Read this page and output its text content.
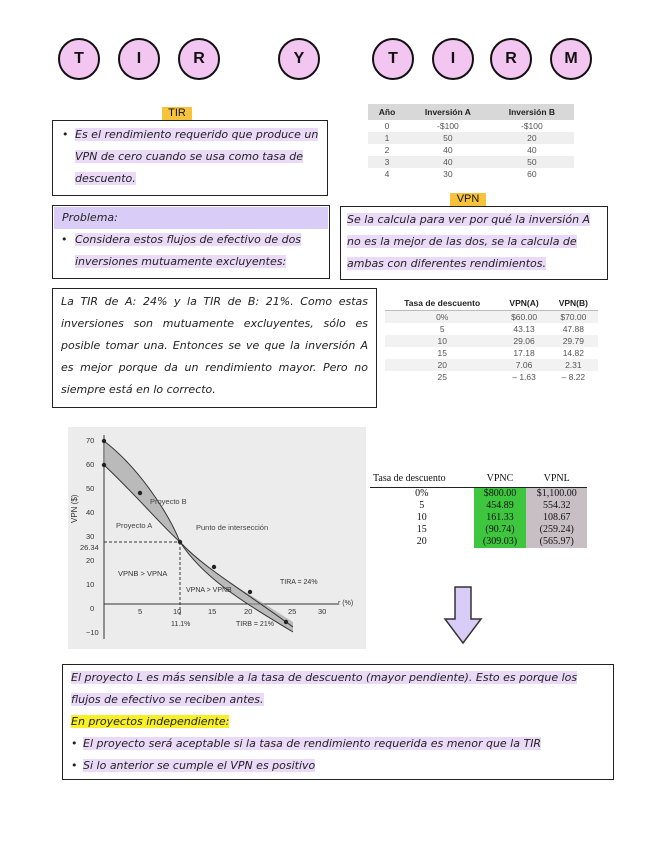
T	I	R	Y	T	I	R	M
TIR
• Es el rendimiento requerido que produce un VPN de cero cuando se usa como tasa de descuento.
Año	Inversión A	Inversión B
0	-$100	-$100
1	50	20
2	40	40
3	40	50
4	30	60
Problema:
• Considera estos flujos de efectivo de dos inversiones mutuamente excluyentes:
VPN
Se la calcula para ver por qué la inversión A no es la mejor de las dos, se la calcula de ambas con diferentes rendimientos.
La TIR de A: 24% y la TIR de B: 21%. Como estas inversiones son mutuamente excluyentes, sólo es posible tomar una. Entonces se ve que la inversión A es mejor porque da un rendimiento mayor. Pero no siempre está en lo correcto.
Tasa de descuento	VPN(A)	VPN(B)
0%	$60.00	$70.00
5	43.13	47.88
10	29.06	29.79
15	17.18	14.82
20	7.06	2.31
25	– 1.63	– 8.22
VPN ($)
70
60
50
40
30
26.34
20
10
0
−10
5	10	15	20	25	30
r (%)
Proyecto B
Proyecto A	Punto de intersección
VPNB > VPNA
VPNA > VPNB
TIRA = 24%
TIRB = 21%
11.1%
Tasa de descuento	VPNC	VPNL
0%	$800.00	$1,100.00
5	454.89	554.32
10	161.33	108.67
15	(90.74)	(259.24)
20	(309.03)	(565.97)
El proyecto L es más sensible a la tasa de descuento (mayor pendiente). Esto es porque los flujos de efectivo se reciben antes.
En proyectos independiente:
• El proyecto será aceptable si la tasa de rendimiento requerida es menor que la TIR
• Si lo anterior se cumple el VPN es positivo
